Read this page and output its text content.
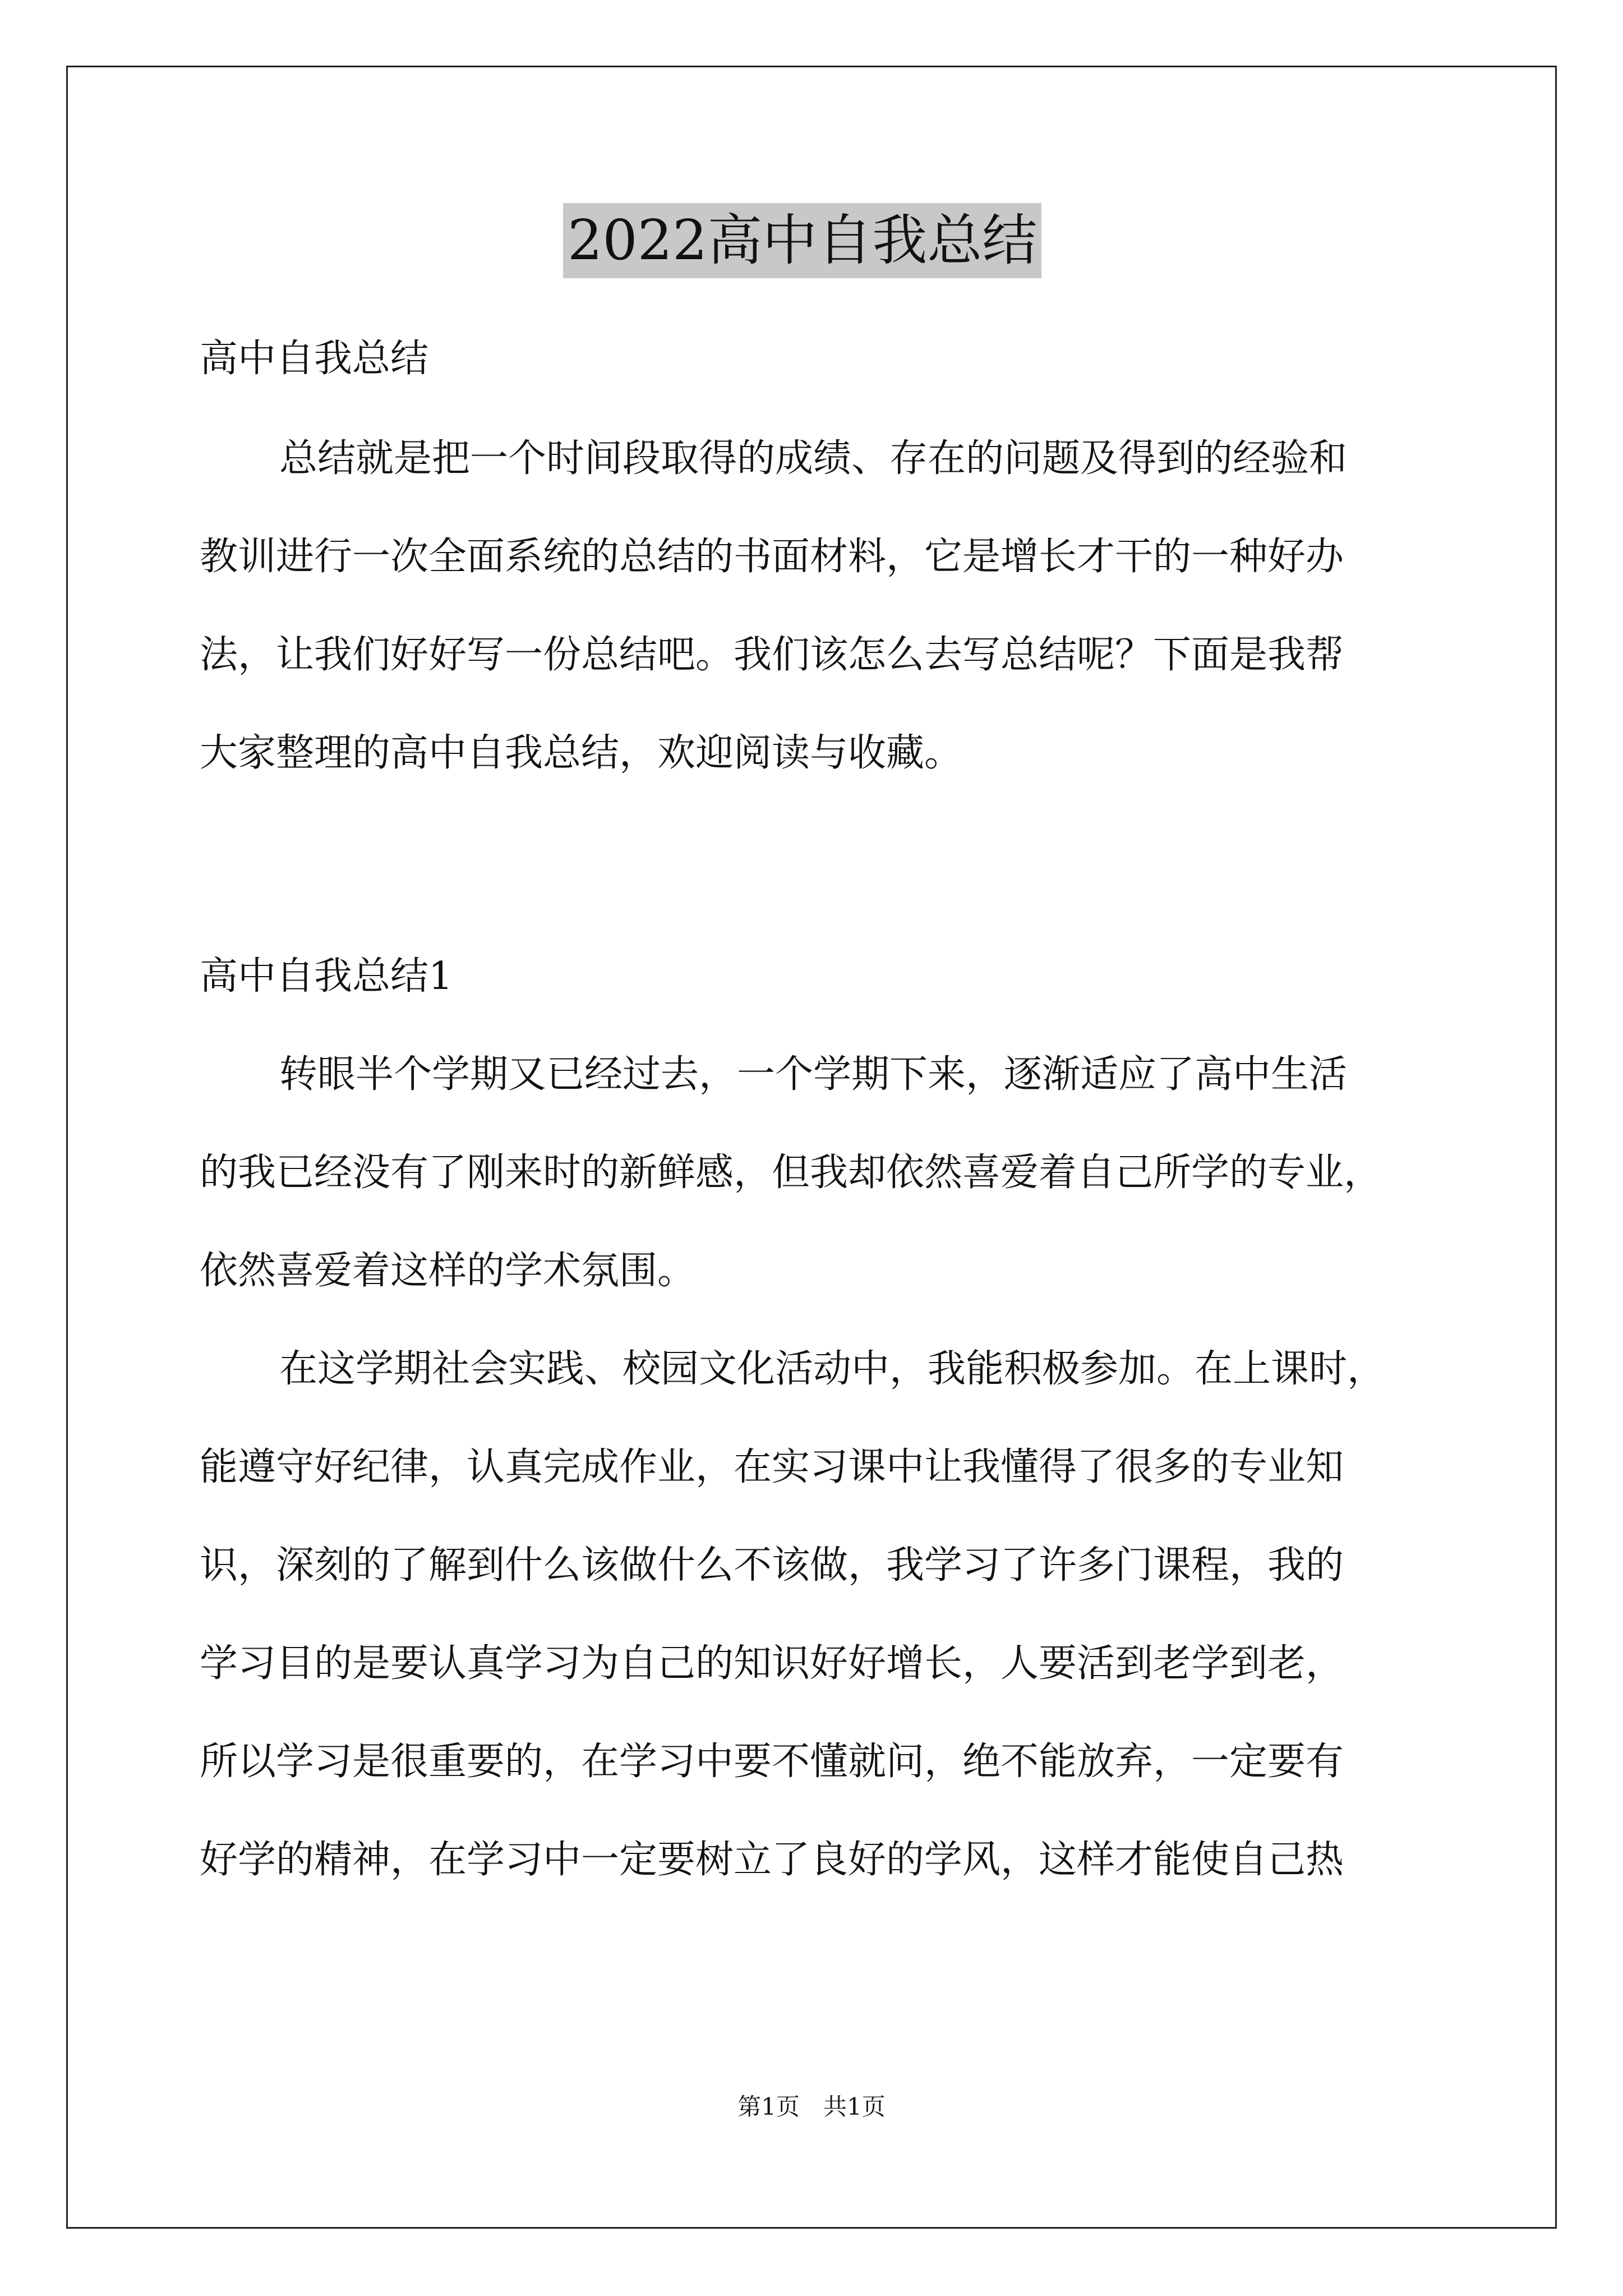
2022高中自我总结
高中自我总结
总结就是把一个时间段取得的成绩、存在的问题及得到的经验和
教训进行一次全面系统的总结的书面材料，它是增长才干的一种好办
法，让我们好好写一份总结吧。我们该怎么去写总结呢？下面是我帮
大家整理的高中自我总结，欢迎阅读与收藏。
高中自我总结1
转眼半个学期又已经过去，一个学期下来，逐渐适应了高中生活
的我已经没有了刚来时的新鲜感，但我却依然喜爱着自己所学的专业，
依然喜爱着这样的学术氛围。
在这学期社会实践、校园文化活动中，我能积极参加。在上课时，
能遵守好纪律，认真完成作业，在实习课中让我懂得了很多的专业知
识，深刻的了解到什么该做什么不该做，我学习了许多门课程，我的
学习目的是要认真学习为自己的知识好好增长，人要活到老学到老，
所以学习是很重要的，在学习中要不懂就问，绝不能放弃，一定要有
好学的精神，在学习中一定要树立了良好的学风，这样才能使自己热
第1页　共1页
